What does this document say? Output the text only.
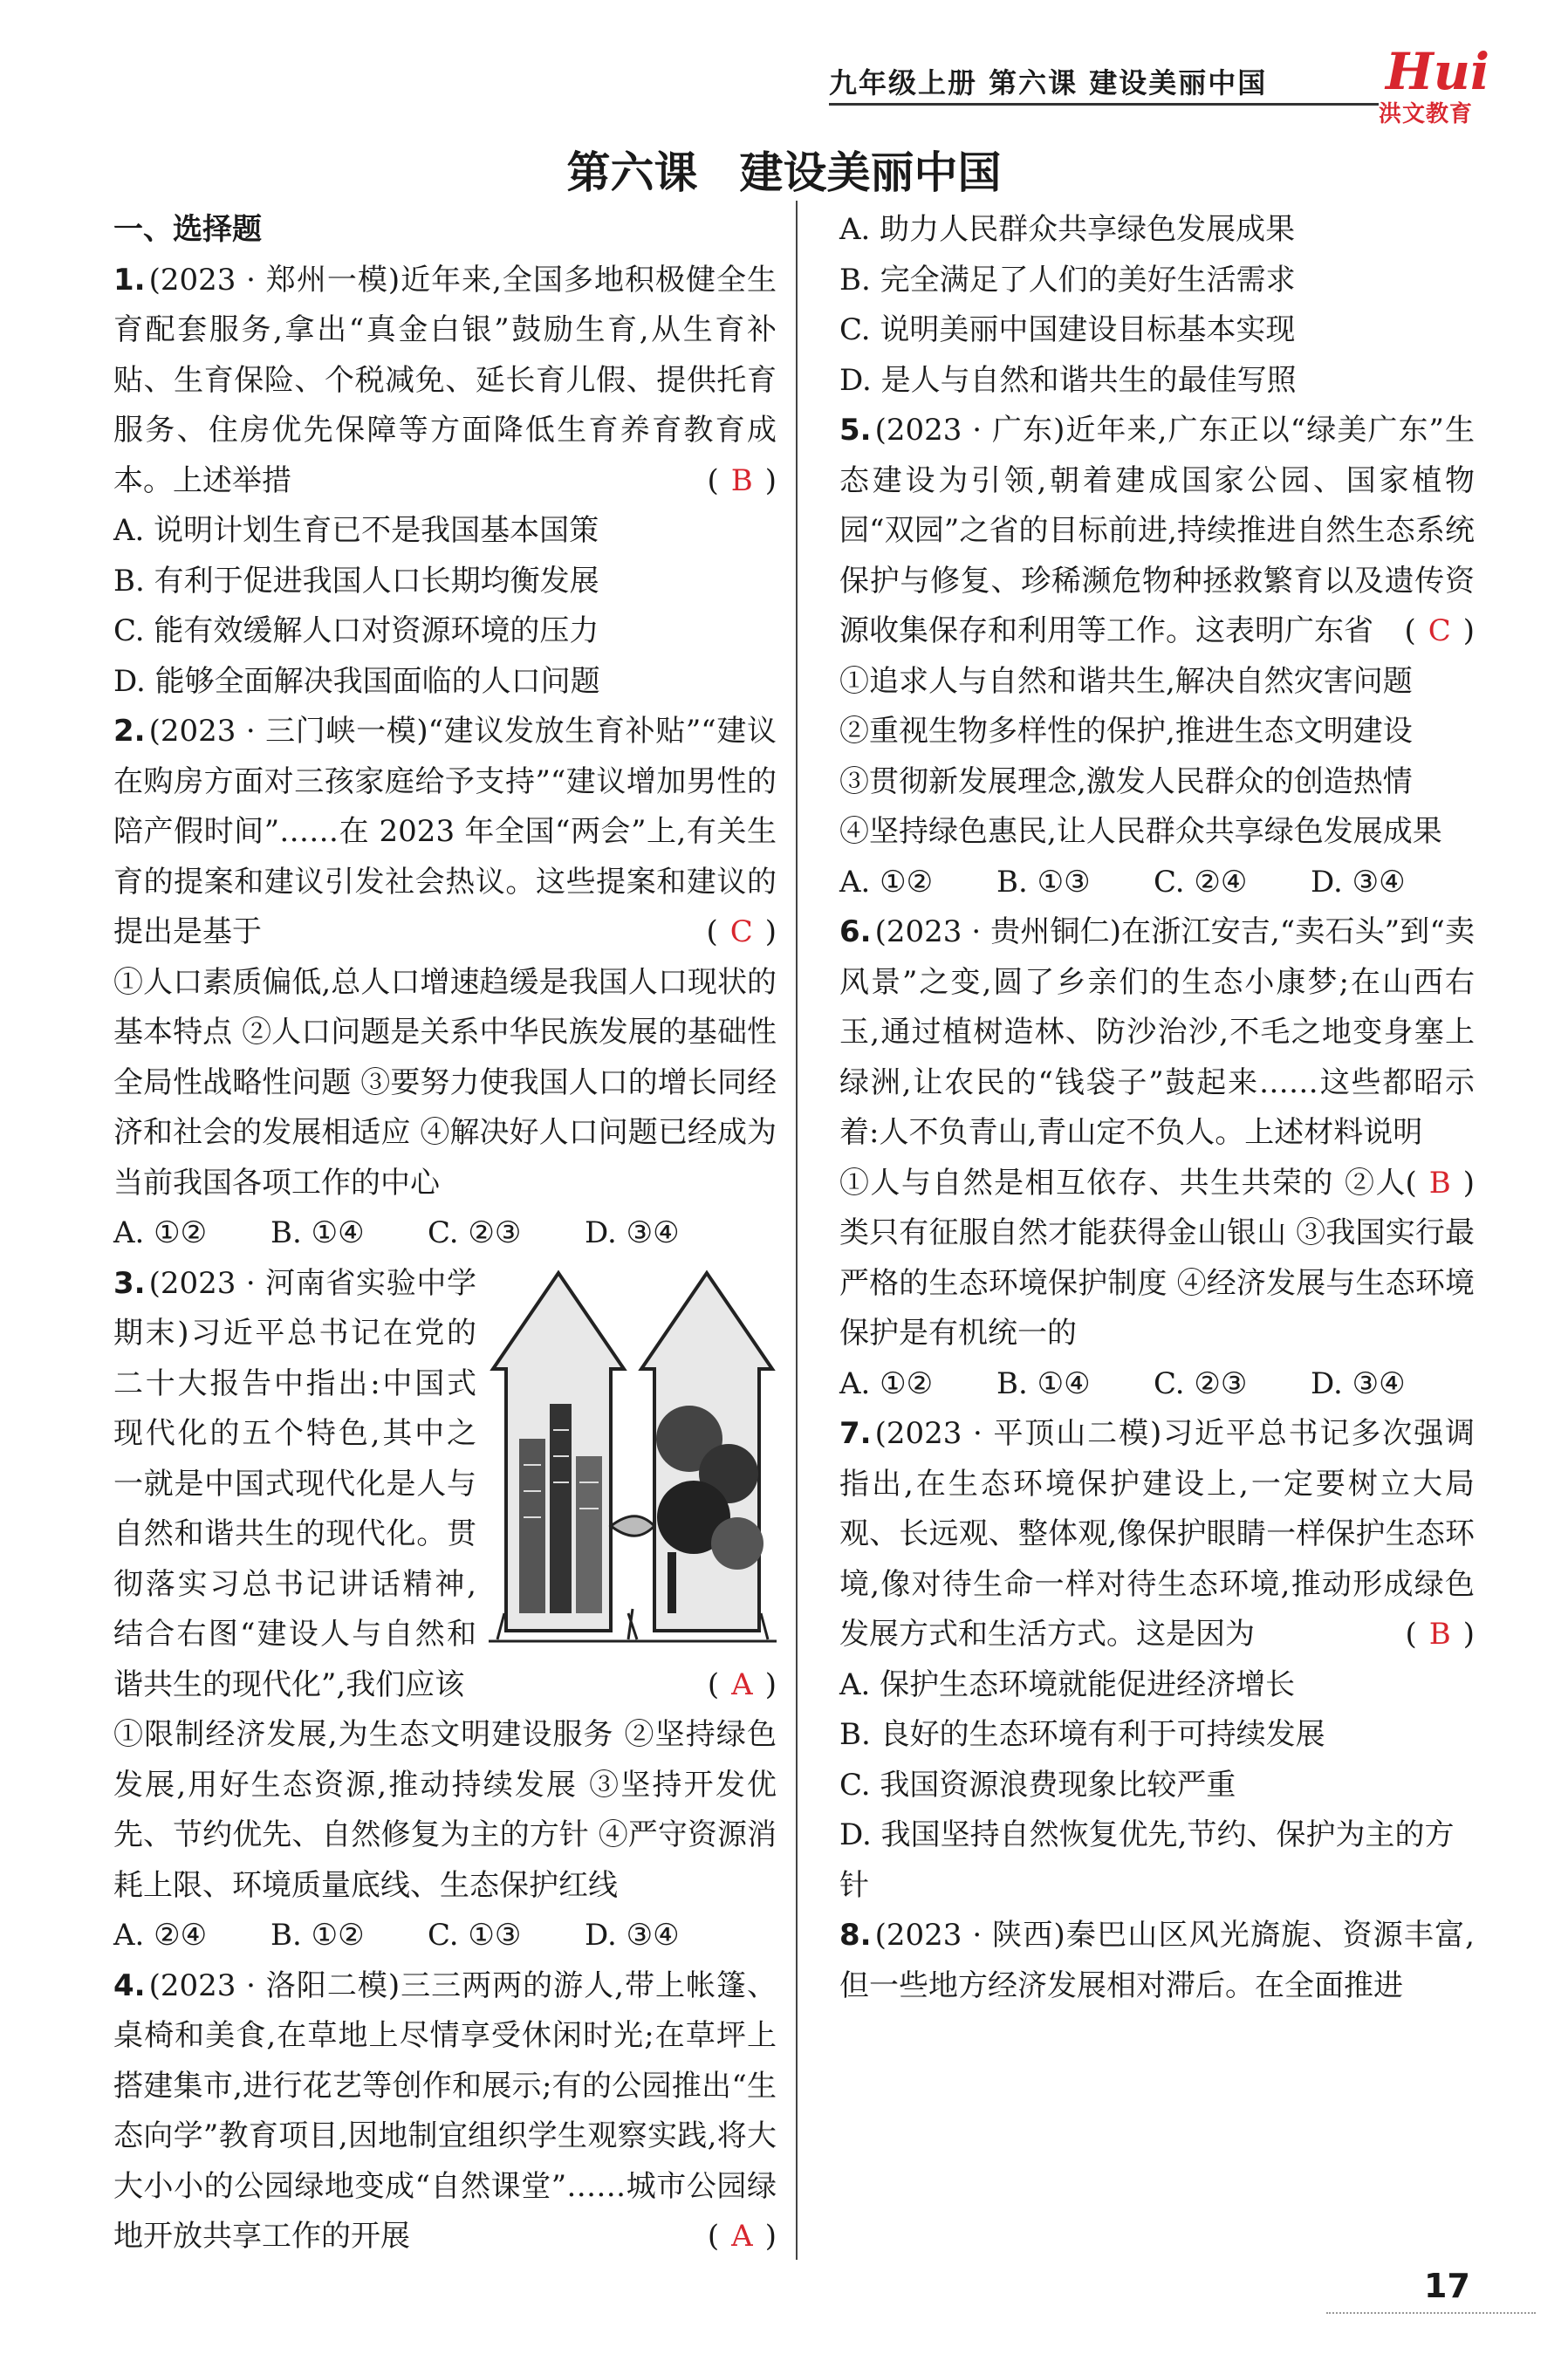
九年级上册 第六课 建设美丽中国 Hui
洪文教育
第六课 建设美丽中国
一、选择题
1. (2023 · 郑州一模)近年来,全国多地积极健全生育配套服务,拿出“真金白银”鼓励生育,从生育补贴、生育保险、个税减免、延长育儿假、提供托育服务、住房优先保障等方面降低生育养育教育成本。上述举措	( B )
A. 说明计划生育已不是我国基本国策
B. 有利于促进我国人口长期均衡发展
C. 能有效缓解人口对资源环境的压力
D. 能够全面解决我国面临的人口问题
2. (2023 · 三门峡一模)“建议发放生育补贴”“建议在购房方面对三孩家庭给予支持”“建议增加男性的陪产假时间”……在 2023 年全国“两会”上,有关生育的提案和建议引发社会热议。这些提案和建议的提出是基于	( C )
①人口素质偏低,总人口增速趋缓是我国人口现状的基本特点 ②人口问题是关系中华民族发展的基础性全局性战略性问题 ③要努力使我国人口的增长同经济和社会的发展相适应 ④解决好人口问题已经成为当前我国各项工作的中心
A. ①② B. ①④ C. ②③ D. ③④
3. (2023 · 河南省实验中学期末)习近平总书记在党的二十大报告中指出:中国式现代化的五个特色,其中之一就是中国式现代化是人与自然和谐共生的现代化。贯彻落实习总书记讲话精神,结合右图“建设人与自然和谐共生的现代化”,我们应该	( A )
①限制经济发展,为生态文明建设服务 ②坚持绿色发展,用好生态资源,推动持续发展 ③坚持开发优先、节约优先、自然修复为主的方针 ④严守资源消耗上限、环境质量底线、生态保护红线
A. ②④ B. ①② C. ①③ D. ③④
4. (2023 · 洛阳二模)三三两两的游人,带上帐篷、桌椅和美食,在草地上尽情享受休闲时光;在草坪上搭建集市,进行花艺等创作和展示;有的公园推出“生态向学”教育项目,因地制宜组织学生观察实践,将大大小小的公园绿地变成“自然课堂”……城市公园绿地开放共享工作的开展	( A )
A. 助力人民群众共享绿色发展成果
B. 完全满足了人们的美好生活需求
C. 说明美丽中国建设目标基本实现
D. 是人与自然和谐共生的最佳写照
5. (2023 · 广东)近年来,广东正以“绿美广东”生态建设为引领,朝着建成国家公园、国家植物园“双园”之省的目标前进,持续推进自然生态系统保护与修复、珍稀濒危物种拯救繁育以及遗传资源收集保存和利用等工作。这表明广东省 ( C )
①追求人与自然和谐共生,解决自然灾害问题
②重视生物多样性的保护,推进生态文明建设
③贯彻新发展理念,激发人民群众的创造热情
④坚持绿色惠民,让人民群众共享绿色发展成果
A. ①② B. ①③ C. ②④ D. ③④
6. (2023 · 贵州铜仁)在浙江安吉,“卖石头”到“卖风景”之变,圆了乡亲们的生态小康梦;在山西右玉,通过植树造林、防沙治沙,不毛之地变身塞上绿洲,让农民的“钱袋子”鼓起来……这些都昭示着:人不负青山,青山定不负人。上述材料说明
( B )
①人与自然是相互依存、共生共荣的 ②人类只有征服自然才能获得金山银山 ③我国实行最严格的生态环境保护制度 ④经济发展与生态环境保护是有机统一的
A. ①② B. ①④ C. ②③ D. ③④
7. (2023 · 平顶山二模)习近平总书记多次强调指出,在生态环境保护建设上,一定要树立大局观、长远观、整体观,像保护眼睛一样保护生态环境,像对待生命一样对待生态环境,推动形成绿色发展方式和生活方式。这是因为	( B )
A. 保护生态环境就能促进经济增长
B. 良好的生态环境有利于可持续发展
C. 我国资源浪费现象比较严重
D. 我国坚持自然恢复优先,节约、保护为主的方针
8. (2023 · 陕西)秦巴山区风光旖旎、资源丰富,但一些地方经济发展相对滞后。在全面推进
17
